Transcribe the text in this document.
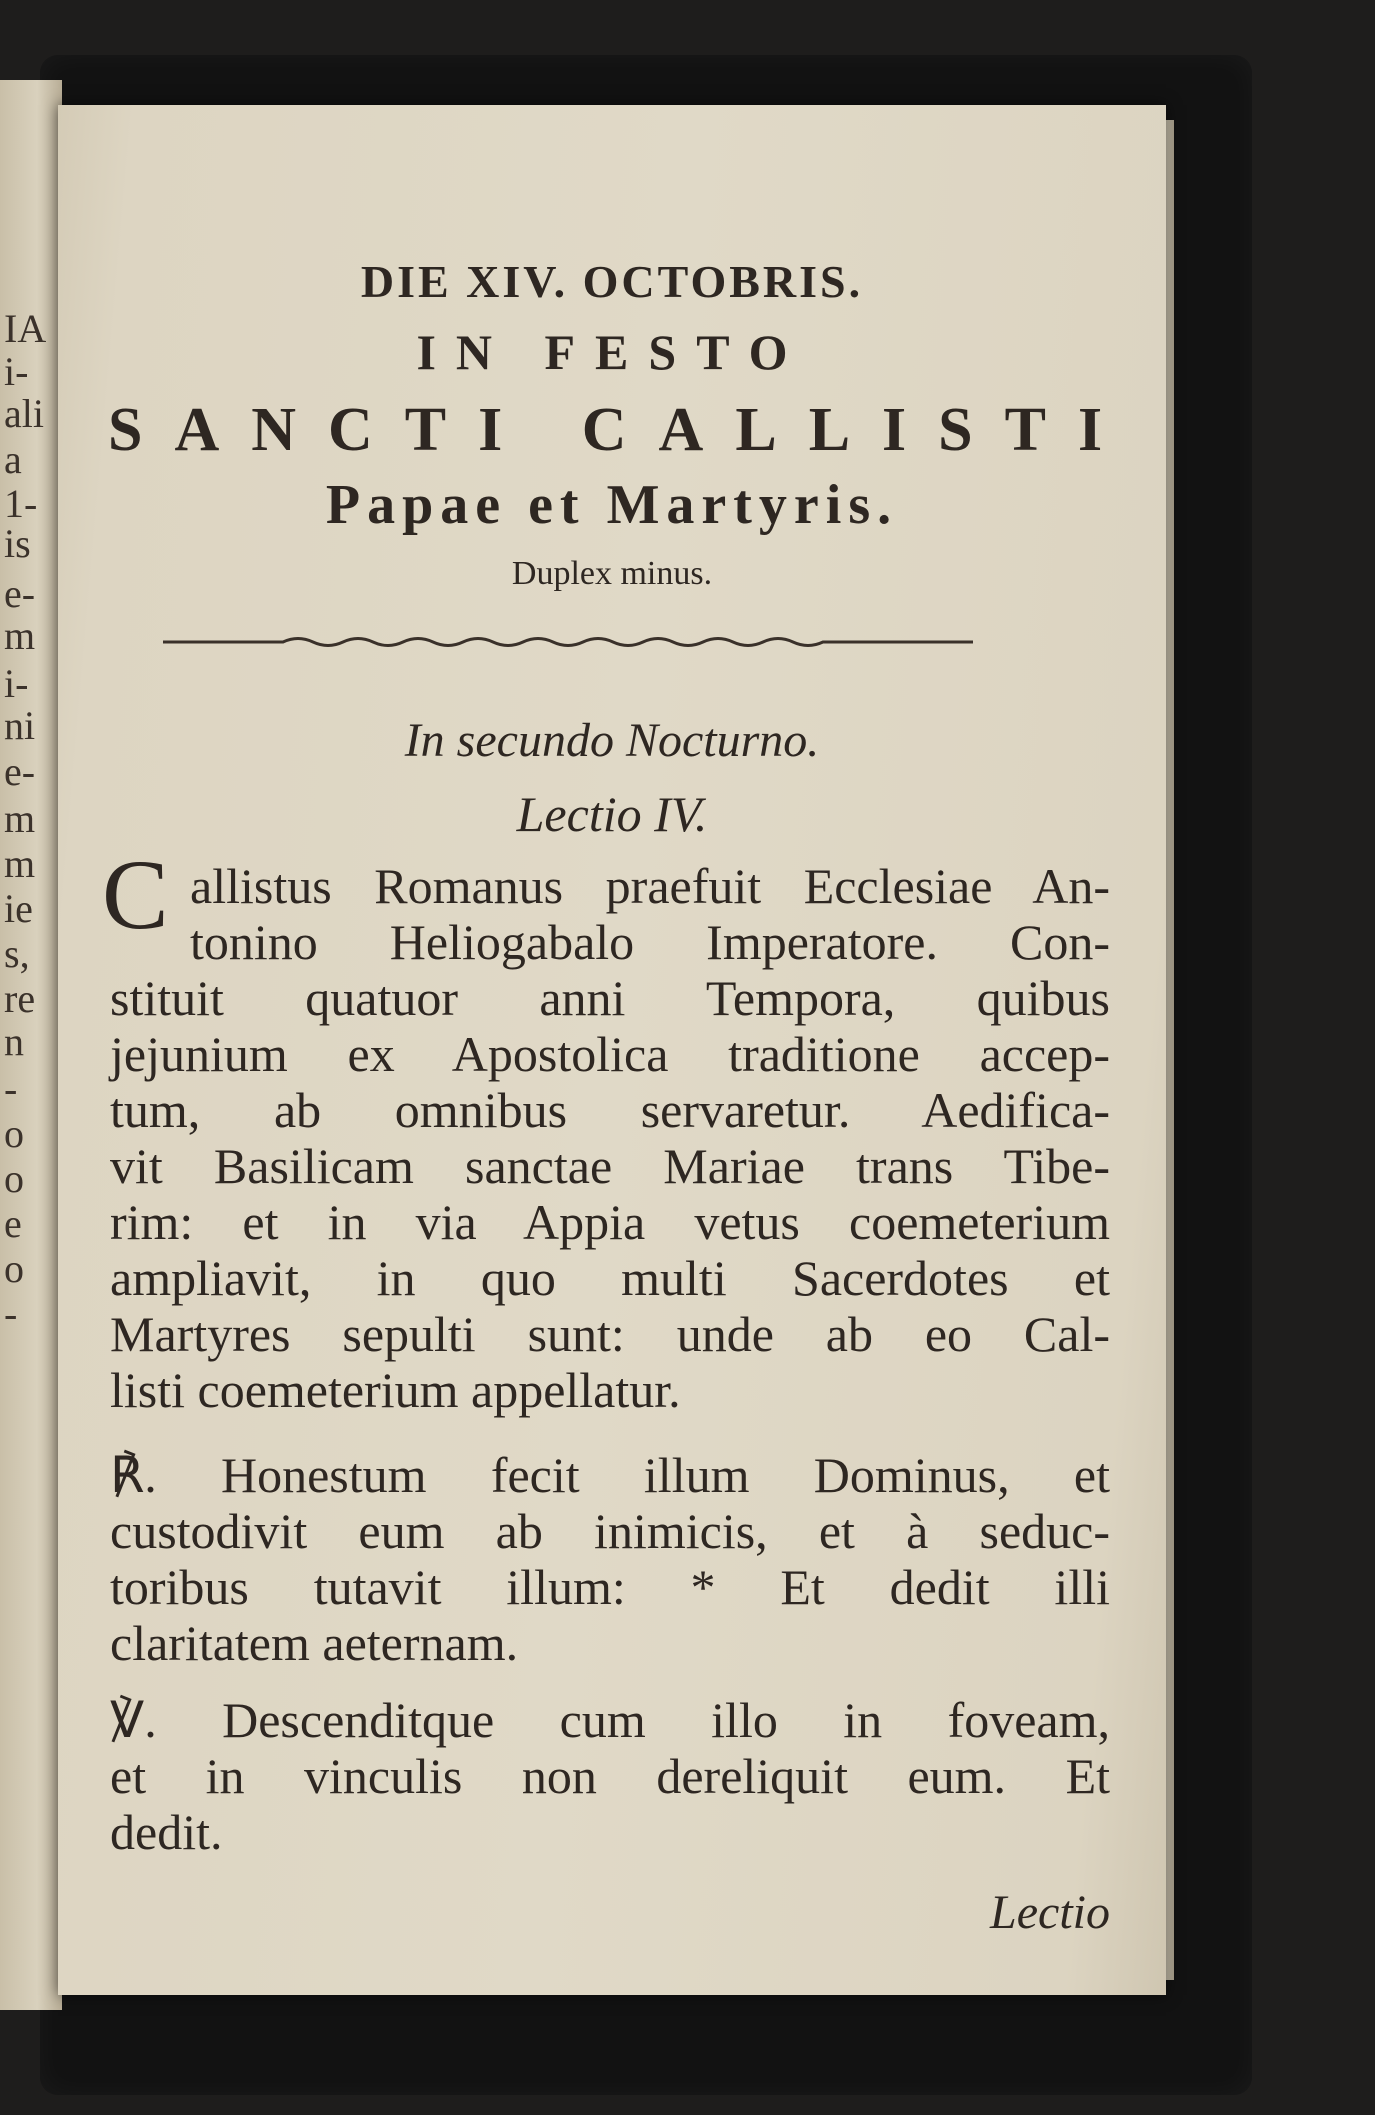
IA
i-
ali
a
1-
is
e-
m
i-
ni
e-
m
m
ie
s,
re
n
-
o
o
e
o
-
DIE XIV. OCTOBRIS.
IN FESTO
SANCTI CALLISTI
Papae et Martyris.
Duplex minus.
In secundo Nocturno.
Lectio IV.
C allistus Romanus praefuit Ecclesiae An-
tonino Heliogabalo Imperatore. Con-
stituit quatuor anni Tempora, quibus
jejunium ex Apostolica traditione accep-
tum, ab omnibus servaretur. Aedifica-
vit Basilicam sanctae Mariae trans Tibe-
rim: et in via Appia vetus coemeterium
ampliavit, in quo multi Sacerdotes et
Martyres sepulti sunt: unde ab eo Cal-
listi coemeterium appellatur.
℟. Honestum fecit illum Dominus, et
custodivit eum ab inimicis, et à seduc-
toribus tutavit illum: * Et dedit illi
claritatem aeternam.
℣. Descenditque cum illo in foveam,
et in vinculis non dereliquit eum. Et
dedit.
Lectio
